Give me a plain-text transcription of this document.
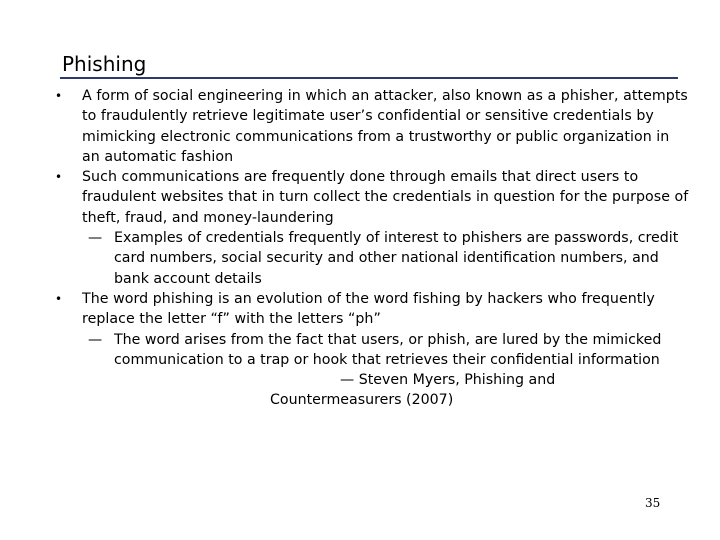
Phishing

• A form of social engineering in which an attacker, also known as a phisher, attempts to fraudulently retrieve legitimate user’s confidential or sensitive credentials by mimicking electronic communications from a trustworthy or public organization in an automatic fashion

• Such communications are frequently done through emails that direct users to fraudulent websites that in turn collect the credentials in question for the purpose of theft, fraud, and money-laundering

— Examples of credentials frequently of interest to phishers are passwords, credit card numbers, social security and other national identification numbers, and bank account details

• The word phishing is an evolution of the word fishing by hackers who frequently replace the letter “f” with the letters “ph”

— The word arises from the fact that users, or phish, are lured by the mimicked communication to a trap or hook that retrieves their confidential information

— Steven Myers, Phishing and
Countermeasurers (2007)
35
